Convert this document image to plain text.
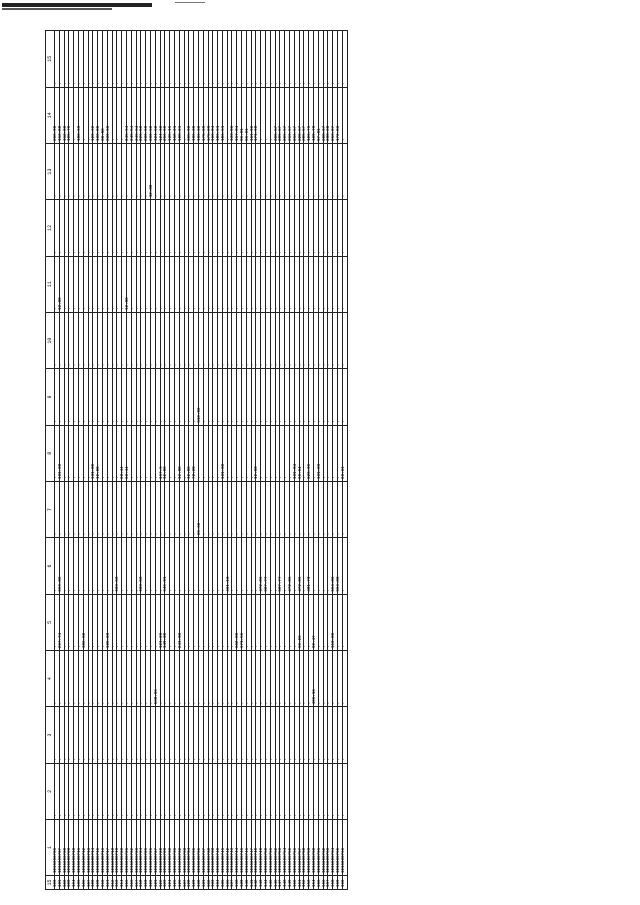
15	1	2	3	4	5	6	7	8	9	10	11	12	13	14	15
100	1E15000706	.	.	.	.	.	.	.	.	.	.	.	.	256.98	.
101	1E15000707	.	.	.	267.74	566.82	.	131.88	.	.	12.88	.	.	112.88	.
102	1E15000708	.	.	.	.	.	.	.	.	.	.	.	.	112.88	.
103	1E15000709	.	.	.	.	.	.	.	.	.	.	.	.	106.70	.
104	1E15000710	.	.	.	.	.	.	.	.	.	.	.	.	.	.
105	1E15000711	.	.	.	.	.	.	.	.	.	.	.	.	100.69	.
106	1E15000712	.	.	.	186.80	.	.	.	.	.	.	.	.	.	.
107	1E15000713	.	.	.	.	.	.	.	.	.	.	.	.	.	.
108	1E15000714	.	.	.	.	.	.	131.80	.	.	.	.	.	120.62	.
109	1E15000715	.	.	.	.	.	.	12.88	.	.	.	.	.	130.88	.
110	1E15000716	.	.	.	.	.	.	.	.	.	.	.	.	33.58	.
111	1E15000717	.	.	.	135.28	.	.	.	.	.	.	.	.	230.50	.
112	1E15000718	.	.	.	.	.	.	.	.	.	.	.	.	.	.
113	1E15000719	.	.	.	.	633.58	.	.	.	.	.	.	.	.	.
114	1E15000720	.	.	.	.	.	.	63.44	.	.	.	.	.	.	.
115	1E15000721	.	.	.	.	.	.	63.44	.	.	12.88	.	.	245.54	.
116	1E15000722	.	.	.	.	.	.	.	.	.	.	.	.	245.54	.
117	1E15000723	.	.	.	.	.	.	.	.	.	.	.	.	245.54	.
118	1E15000724	.	.	.	.	633.58	.	.	.	.	.	.	.	226.50	.
119	1E15000725	.	.	.	.	.	.	.	.	.	.	.	.	236.50	.
120	1E15000726	.	.	.	.	.	.	.	.	.	.	.	12.88	230.50	.
121	1E15000727	.	.	508.96	.	.	.	.	.	.	.	.	.	124.60	.
122	1E15000728	.	.	.	121.29	.	.	157.5	.	.	.	.	.	124.60	.
123	1E15000729	.	.	.	149.28	645.91	.	12.88	.	.	.	.	.	216.60	.
124	1E15000730	.	.	.	.	.	.	.	.	.	.	.	.	135.15	.
125	1E15000731	.	.	.	.	.	.	.	.	.	.	.	.	118.21	.
126	1E15000732	.	.	.	241.98	.	.	12.88	.	.	.	.	.	108.21	.
127	1E15000733	.	.	.	.	.	.	.	.	.	.	.	.	.	.
128	1E15000734	.	.	.	.	.	.	12.88	.	.	.	.	.	365.90	.
129	1E15000735	.	.	.	.	.	.	72.39	.	.	.	.	.	196.30	.
130	1E15000736	.	.	.	.	.	65.60	.	510.90	.	.	.	.	196.30	.
131	1E15000737	.	.	.	.	.	.	.	.	.	.	.	.	175.09	.
132	1E15000738	.	.	.	.	.	.	.	.	.	.	.	.	175.09	.
133	1E15000739	.	.	.	.	.	.	.	.	.	.	.	.	166.04	.
134	1E15000740	.	.	.	.	.	.	.	.	.	.	.	.	186.51	.
135	1E15000741	.	.	.	.	.	.	131.88	.	.	.	.	.	186.51	.
136	1E15000742	.	.	.	.	461.18	.	.	.	.	.	.	.	.	.
137	1E15000743	.	.	.	.	.	.	.	.	.	.	.	.	133.90	.
138	1E15000744	.	.	.	662.80	.	.	.	.	.	.	.	.	117.84	.
139	1E15000745	.	.	.	671.55	.	.	.	.	.	.	.	.	96.01	.
140	1E15000746	.	.	.	.	.	.	.	.	.	.	.	.	96.01	.
141	1E15000747	.	.	.	.	.	.	.	.	.	.	.	.	111.90	.
142	1E15000748	.	.	.	.	.	.	12.88	.	.	.	.	.	171.68	.
143	1E15000749	.	.	.	.	472.86	.	.	.	.	.	.	.	.	.
144	1E15000750	.	.	.	.	507.77	.	.	.	.	.	.	.	.	.
145	1E15000751	.	.	.	.	.	.	.	.	.	.	.	.	.	.
146	1E15000752	.	.	.	.	.	.	.	.	.	.	.	.	205.57	.
147	1E15000753	.	.	.	.	507.77	.	.	.	.	.	.	.	205.57	.
148	1E15000754	.	.	.	.	.	.	.	.	.	.	.	.	205.57	.
149	1E15000755	.	.	.	.	472.86	.	.	.	.	.	.	.	216.57	.
150	1E15000756	.	.	.	.	.	.	131.84	.	.	.	.	.	216.57	.
151	1E15000757	.	.	.	60.26	472.86	.	65.64	.	.	.	.	.	228.57	.
152	1E15000758	.	.	.	.	.	.	.	.	.	.	.	.	205.57	.
153	1E15000759	.	.	.	.	481.79	.	323.90	.	.	.	.	.	126.75	.
154	1E15000760	.	.	406.16	90.47	.	.	.	.	.	.	.	.	109.79	.
155	1E15000761	.	.	.	.	.	.	131.89	.	.	.	.	.	97.81	.
156	1E15000762	.	.	.	.	.	.	.	.	.	.	.	.	208.37	.
157	1E15000763	.	.	.	.	.	.	.	.	.	.	.	.	230.38	.
158	1E15000764	.	.	.	113.80	564.80	.	.	.	.	.	.	.	216.27	.
159	1E15000765	.	.	.	.	564.80	.	.	.	.	.	.	.	172.83	.
160	1E15000766	.	.	.	.	.	.	83.31	.	.	.	.	.	.	.
